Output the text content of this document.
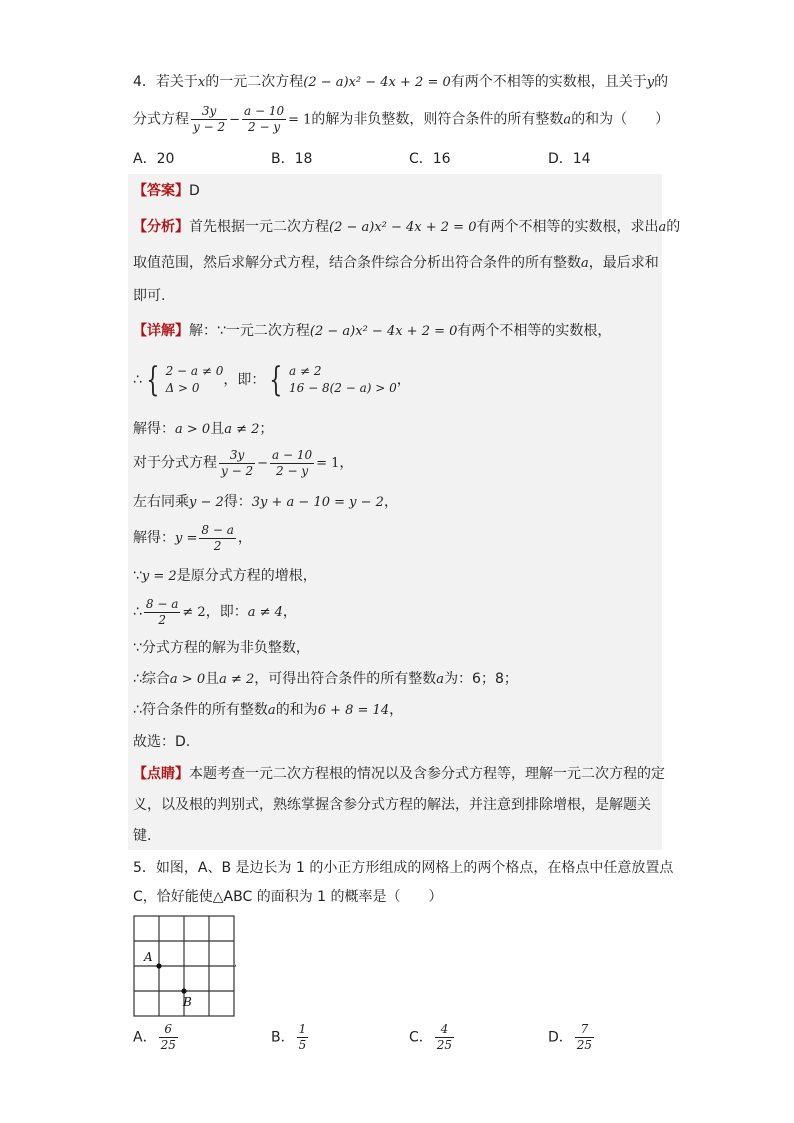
4．若关于x的一元二次方程(2 − a)x² − 4x + 2 = 0有两个不相等的实数根，且关于y的
分式方程 $\frac{3y}{y - 2} - \frac{a - 10}{2 - y} = 1$的解为非负整数，则符合条件的所有整数a的和为（　　）
A．20	B．18	C．16	D．14
【答案】D
【分析】首先根据一元二次方程(2 − a)x² − 4x + 2 = 0有两个不相等的实数根，求出a的
取值范围，然后求解分式方程，结合条件综合分析出符合条件的所有整数a，最后求和
即可.
【详解】解：∵一元二次方程(2 − a)x² − 4x + 2 = 0有两个不相等的实数根，
∴ { 2 − a ≠ 0
Δ > 0	，即： { a ≠ 2
16 − 8(2 − a) > 0 ，
解得：a > 0且a ≠ 2；
对于分式方程 $\frac{3y}{y - 2} - \frac{a - 10}{2 - y} = 1$，
左右同乘y − 2得：3y + a − 10 = y − 2，
解得：$y = \frac{8 - a}{2}$ ，
∵y = 2是原分式方程的增根，
∴ $\frac{8 - a}{2} \ne 2$，即：a ≠ 4，
∵分式方程的解为非负整数，
∴综合a > 0且a ≠ 2，可得出符合条件的所有整数a为：6；8；
∴符合条件的所有整数a的和为6 + 8 = 14，
故选：D.
【点睛】本题考查一元二次方程根的情况以及含参分式方程等，理解一元二次方程的定
义，以及根的判别式，熟练掌握含参分式方程的解法，并注意到排除增根，是解题关
键.
5．如图，A、B 是边长为 1 的小正方形组成的网格上的两个格点，在格点中任意放置点
C，恰好能使△ABC 的面积为 1 的概率是（　　）
A
B
,
A． $\frac{6}{25}$	B． $\frac{1}{5}$	C． $\frac{4}{25}$	D． $\frac{7}{25}$
